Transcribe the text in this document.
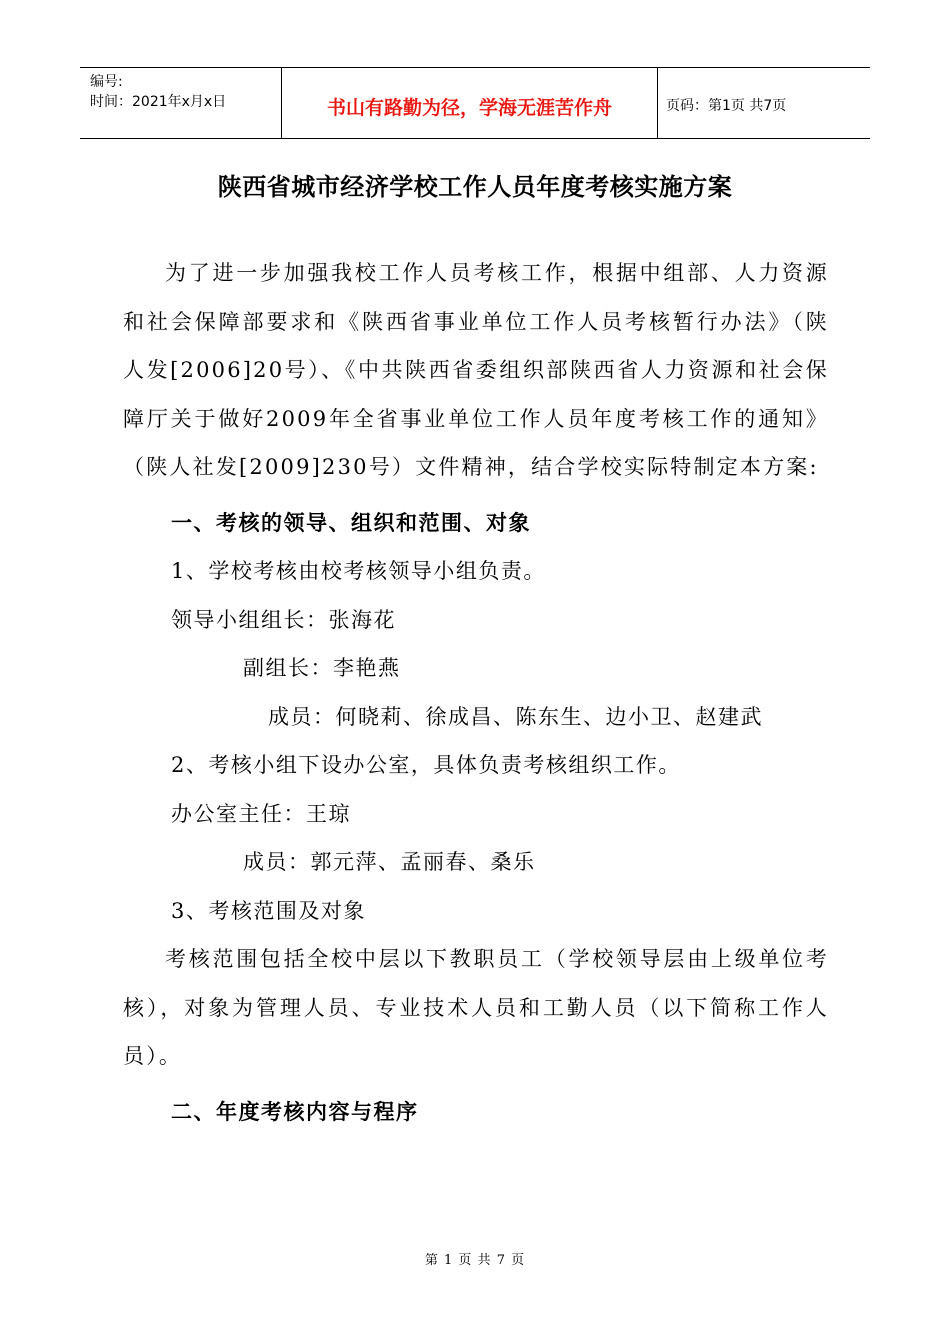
编号:
时间：2021年x月x日	书山有路勤为径，学海无涯苦作舟	页码：第1页 共7页
陕西省城市经济学校工作人员年度考核实施方案

为了进一步加强我校工作人员考核工作，根据中组部、人力资源和社会保障部要求和《陕西省事业单位工作人员考核暂行办法》（陕人发[2006]20号）、《中共陕西省委组织部陕西省人力资源和社会保障厅关于做好2009年全省事业单位工作人员年度考核工作的通知》（陕人社发[2009]230号）文件精神，结合学校实际特制定本方案:

一、考核的领导、组织和范围、对象

1、学校考核由校考核领导小组负责。

领导小组组长：张海花

副组长：李艳燕

成员：何晓莉、徐成昌、陈东生、边小卫、赵建武

2、考核小组下设办公室，具体负责考核组织工作。

办公室主任：王琼

成员：郭元萍、孟丽春、桑乐

3、考核范围及对象

考核范围包括全校中层以下教职员工（学校领导层由上级单位考核），对象为管理人员、专业技术人员和工勤人员（以下简称工作人员）。

二、年度考核内容与程序

第 1 页 共 7 页
